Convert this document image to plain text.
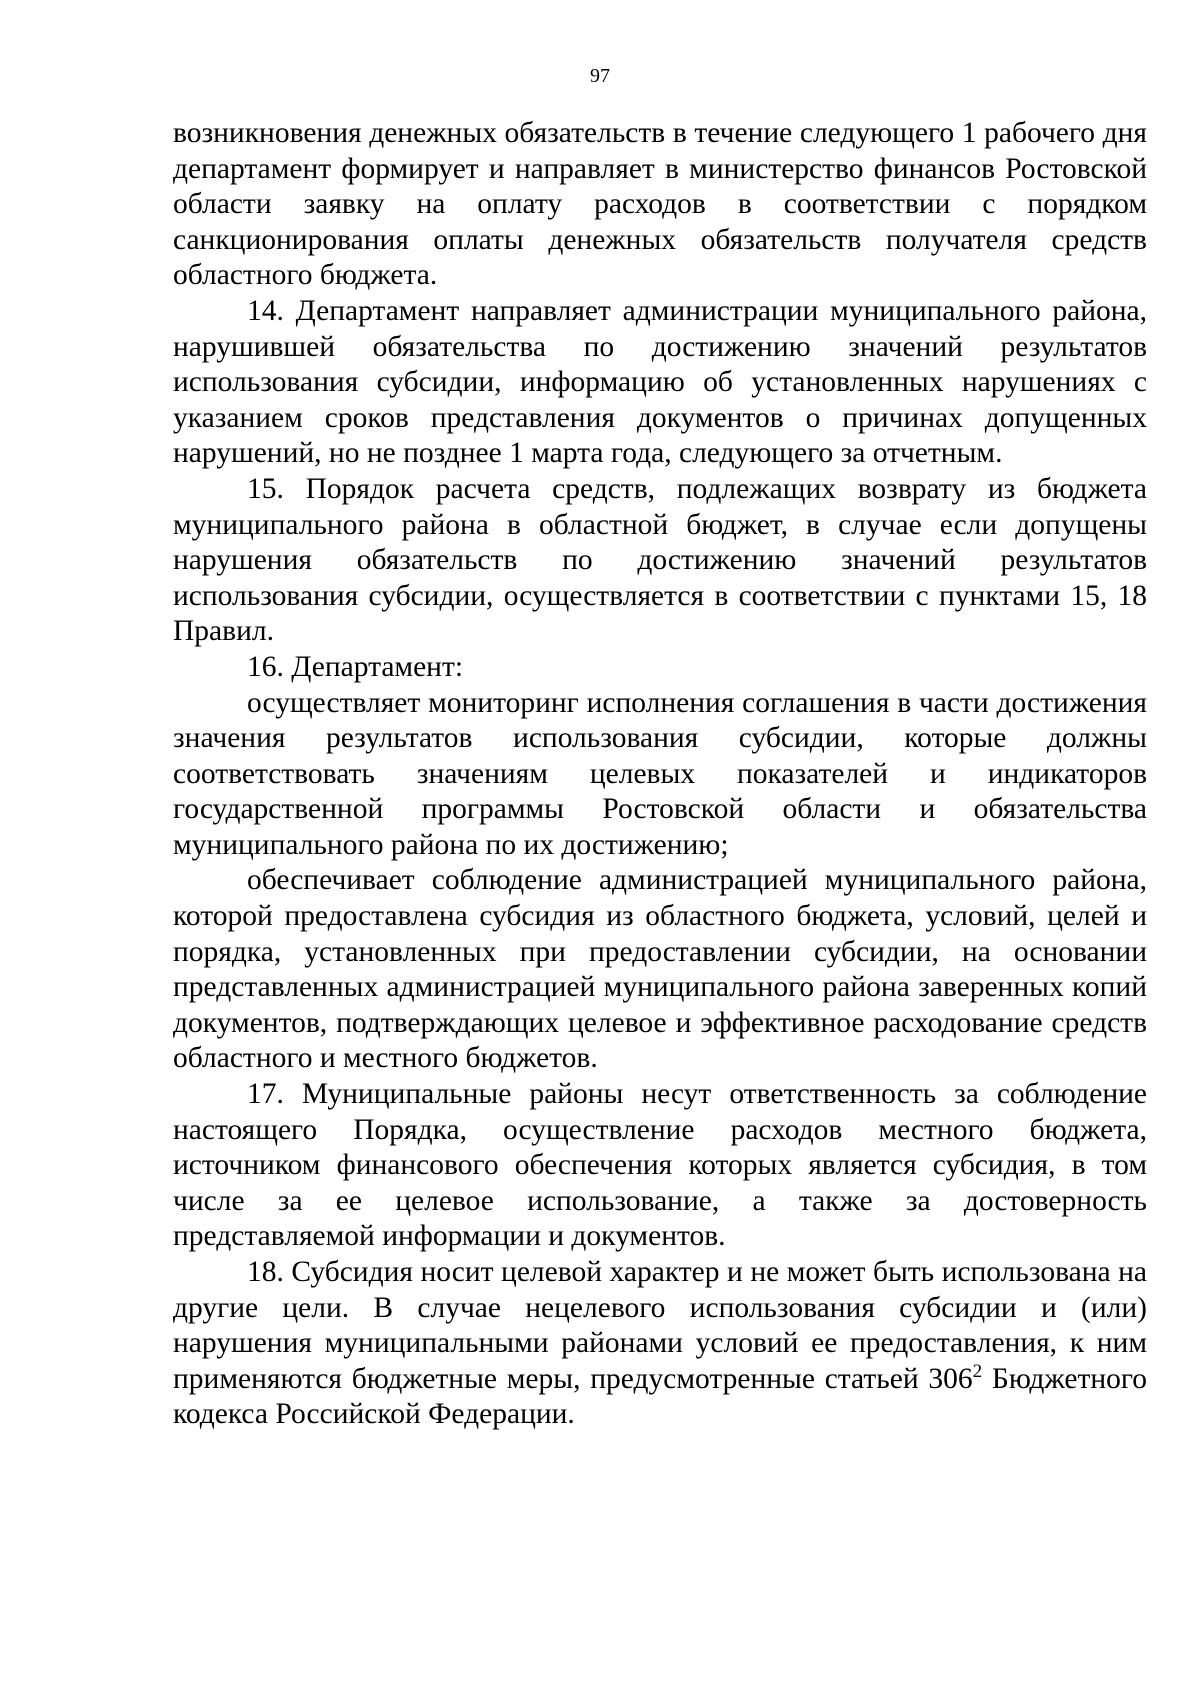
97

возникновения денежных обязательств в течение следующего 1 рабочего дня департамент формирует и направляет в министерство финансов Ростовской области заявку на оплату расходов в соответствии с порядком санкционирования оплаты денежных обязательств получателя средств областного бюджета.

14. Департамент направляет администрации муниципального района, нарушившей обязательства по достижению значений результатов использования субсидии, информацию об установленных нарушениях с указанием сроков представления документов о причинах допущенных нарушений, но не позднее 1 марта года, следующего за отчетным.

15. Порядок расчета средств, подлежащих возврату из бюджета муниципального района в областной бюджет, в случае если допущены нарушения обязательств по достижению значений результатов использования субсидии, осуществляется в соответствии с пунктами 15, 18 Правил.

16. Департамент:

осуществляет мониторинг исполнения соглашения в части достижения значения результатов использования субсидии, которые должны соответствовать значениям целевых показателей и индикаторов государственной программы Ростовской области и обязательства муниципального района по их достижению;

обеспечивает соблюдение администрацией муниципального района, которой предоставлена субсидия из областного бюджета, условий, целей и порядка, установленных при предоставлении субсидии, на основании представленных администрацией муниципального района заверенных копий документов, подтверждающих целевое и эффективное расходование средств областного и местного бюджетов.

17. Муниципальные районы несут ответственность за соблюдение настоящего Порядка, осуществление расходов местного бюджета, источником финансового обеспечения которых является субсидия, в том числе за ее целевое использование, а также за достоверность представляемой информации и документов.

18. Субсидия носит целевой характер и не может быть использована на другие цели. В случае нецелевого использования субсидии и (или) нарушения муниципальными районами условий ее предоставления, к ним применяются бюджетные меры, предусмотренные статьей $306^2$ Бюджетного кодекса Российской Федерации.
